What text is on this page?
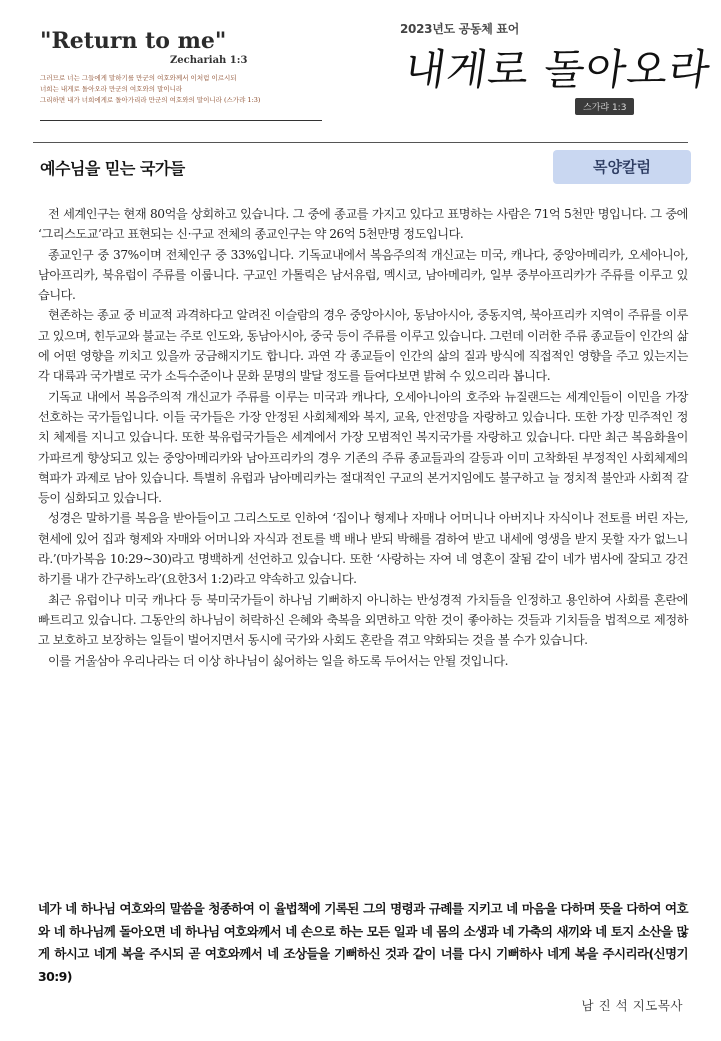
"Return to me"
Zechariah 1:3
그러므로 너는 그들에게 말하기를 만군의 여호와께서 이처럼 이르시되
너희는 내게로 돌아오라 만군의 여호와의 말이니라
그리하면 내가 너희에게로 돌아가리라 만군의 여호와의 말이니라 (스가랴 1:3)
2023년도 공동체 표어
내게로 돌아오라
스가랴 1:3
예수님을 믿는 국가들	목양칼럼

전 세계인구는 현재 80억을 상회하고 있습니다. 그 중에 종교를 가지고 있다고 표명하는 사람은 71억 5천만 명입니다. 그 중에 ‘그리스도교’라고 표현되는 신·구교 전체의 종교인구는 약 26억 5천만명 정도입니다.

종교인구 중 37%이며 전체인구 중 33%입니다. 기독교내에서 복음주의적 개신교는 미국, 캐나다, 중앙아메리카, 오세아니아, 남아프리카, 북유럽이 주류를 이룹니다. 구교인 가톨릭은 남서유럽, 멕시코, 남아메리카, 일부 중부아프리카가 주류를 이루고 있습니다.

현존하는 종교 중 비교적 과격하다고 알려진 이슬람의 경우 중앙아시아, 동남아시아, 중동지역, 북아프리카 지역이 주류를 이루고 있으며, 힌두교와 불교는 주로 인도와, 동남아시아, 중국 등이 주류를 이루고 있습니다. 그런데 이러한 주류 종교들이 인간의 삶에 어떤 영향을 끼치고 있을까 궁금해지기도 합니다. 과연 각 종교들이 인간의 삶의 질과 방식에 직접적인 영향을 주고 있는지는 각 대륙과 국가별로 국가 소득수준이나 문화 문명의 발달 정도를 들여다보면 밝혀 수 있으리라 봅니다.

기독교 내에서 복음주의적 개신교가 주류를 이루는 미국과 캐나다, 오세아니아의 호주와 뉴질랜드는 세계인들이 이민을 가장 선호하는 국가들입니다. 이들 국가들은 가장 안정된 사회체제와 복지, 교육, 안전망을 자랑하고 있습니다. 또한 가장 민주적인 정치 체제를 지니고 있습니다. 또한 북유럽국가들은 세계에서 가장 모범적인 복지국가를 자랑하고 있습니다. 다만 최근 복음화율이 가파르게 향상되고 있는 중앙아메리카와 남아프리카의 경우 기존의 주류 종교들과의 갈등과 이미 고착화된 부정적인 사회체제의 혁파가 과제로 남아 있습니다. 특별히 유럽과 남아메리카는 절대적인 구교의 본거지임에도 불구하고 늘 정치적 불안과 사회적 갈등이 심화되고 있습니다.

성경은 말하기를 복음을 받아들이고 그리스도로 인하여 ‘집이나 형제나 자매나 어머니나 아버지나 자식이나 전토를 버린 자는, 현세에 있어 집과 형제와 자매와 어머니와 자식과 전토를 백 배나 받되 박해를 겸하여 받고 내세에 영생을 받지 못할 자가 없느니라.’(마가복음 10:29~30)라고 명백하게 선언하고 있습니다. 또한 ‘사랑하는 자여 네 영혼이 잘됨 같이 네가 범사에 잘되고 강건하기를 내가 간구하노라’(요한3서 1:2)라고 약속하고 있습니다.

최근 유럽이나 미국 캐나다 등 북미국가들이 하나님 기뻐하지 아니하는 반성경적 가치들을 인정하고 용인하여 사회를 혼란에 빠트리고 있습니다. 그동안의 하나님이 허락하신 은혜와 축복을 외면하고 악한 것이 좋아하는 것들과 기치들을 법적으로 제정하고 보호하고 보장하는 일들이 벌어지면서 동시에 국가와 사회도 혼란을 겪고 약화되는 것을 볼 수가 있습니다.

이를 거울삼아 우리나라는 더 이상 하나님이 싫어하는 일을 하도록 두어서는 안될 것입니다.

네가 네 하나님 여호와의 말씀을 청종하여 이 율법책에 기록된 그의 명령과 규례를 지키고 네 마음을 다하며 뜻을 다하여 여호와 네 하나님께 돌아오면 네 하나님 여호와께서 네 손으로 하는 모든 일과 네 몸의 소생과 네 가축의 새끼와 네 토지 소산을 많게 하시고 네게 복을 주시되 곧 여호와께서 네 조상들을 기뻐하신 것과 같이 너를 다시 기뻐하사 네게 복을 주시리라(신명기 30:9)
남 진 석 지도목사
